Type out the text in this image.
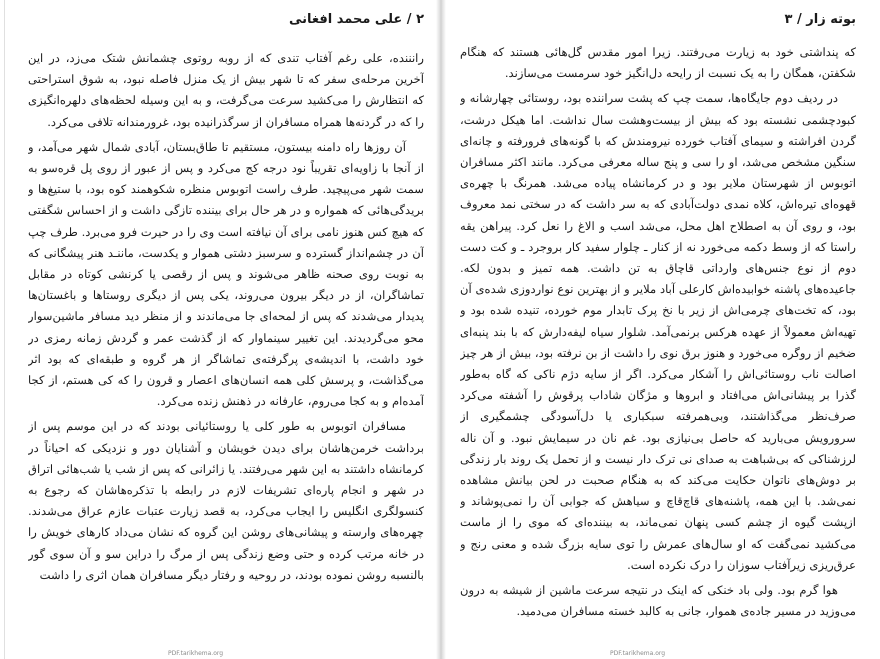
۲ / علی محمد افغانی

رانننده، علی رغم آفتاب تندی که از روبه روتوی چشمانش شتک می‌زد، در این آخرین مرحله‌ی سفر که تا شهر بیش از یک منزل فاصله نبود، به شوق استراحتی که انتظارش را می‌کشید سرعت می‌گرفت، و به این وسیله لحظه‌های دلهره‌انگیزی را که در گردنه‌ها همراه مسافران از سرگذرانیده بود، غرورمندانه تلافی می‌کرد.

آن روزها راه دامنه بیستون، مستقیم تا طاق‌بستان، آبادی شمال شهر می‌آمد، و از آنجا با زاویه‌ای تقریباً نود درجه کج می‌کرد و پس از عبور از روی پل قره‌سو به سمت شهر می‌پیچید. طرف راست اتوبوس منظره شکوهمند کوه بود، با ستیغ‌ها و بریدگی‌هائی که همواره و در هر حال برای بیننده تازگی داشت و از احساس شگفتی که هیچ کس هنوز نامی برای آن نیافته است وی را در حیرت فرو می‌برد. طرف چپ آن در چشم‌انداز گسترده و سرسبز دشتی هموار و یکدست، ماننـد هنر پیشگانی که به نوبت روی صحنه ظاهر می‌شوند و پس از رقصی یا کرنشی کوتاه در مقابل تماشاگران، از در دیگر بیرون می‌روند، یکی پس از دیگری روستاها و باغستان‌ها پدیدار می‌شدند که پس از لمحه‌ای جا می‌ماندند و از منظر دید مسافر ماشین‌سوار محو می‌گردیدند. این تغییر سینماوار که از گذشت عمر و گردش زمانه رمزی در خود داشت، با اندیشه‌ی پرگرفته‌ی تماشاگر از هر گروه و طبقه‌ای که بود اثر می‌گذاشت، و پرسش کلی همه انسان‌های اعصار و قرون را که کی هستم، از کجا آمده‌ام و به کجا می‌روم، عارفانه در ذهنش زنده می‌کرد.

مسافران اتوبوس به طور کلی یا روستائیانی بودند که در این موسم پس از برداشت خرمن‌هاشان برای دیدن خویشان و آشنایان دور و نزدیکی که احیاناً در کرمانشاه داشتند به این شهر می‌رفتند. یا زائرانی که پس از شب یا شب‌هائی اتراق در شهر و انجام پاره‌ای تشریفات لازم در رابطه با تذکره‌هاشان که رجوع به کنسولگری انگلیس را ایجاب می‌کرد، به قصد زیارت عتبات عازم عراق می‌شدند. چهره‌های وارسته و پیشانی‌های روشن این گروه که نشان می‌داد کارهای خویش را در خانه مرتب کرده و حتی وضع زندگی پس از مرگ را دراین سو و آن سوی گور بالنسبه روشن نموده بودند، در روحیه و رفتار دیگر مسافران همان اثری را داشت

PDF.tarikhema.org
بوته زار / ۳

که پنداشتی خود به زیارت می‌رفتند. زیرا امور مقدس گل‌هائی هستند که هنگام شکفتن، همگان را به یک نسبت از رایحه دل‌انگیز خود سرمست می‌سازند.

در ردیف دوم جایگاه‌ها، سمت چپ که پشت سراننده بود، روستائی چهارشانه و کبودچشمی نشسته بود که بیش از بیست‌وهشت سال نداشت. اما هیکل درشت، گردن افراشته و سیمای آفتاب خورده نیرومندش که با گونه‌های فرورفته و چانه‌ای سنگین مشخص می‌شد، او را سی و پنج ساله معرفی می‌کرد. مانند اکثر مسافران اتوبوس از شهرستان ملایر بود و در کرمانشاه پیاده می‌شد. همرنگ با چهره‌ی قهوه‌ای تیره‌اش، کلاه نمدی دولت‌آبادی که به سر داشت که در سختی نمد معروف بود، و روی آن به اصطلاح اهل محل، می‌شد اسب و الاغ را نعل کرد. پیراهن یقه راستا که از وسط دکمه می‌خورد نه از کنار ـ چلوار سفید کار بروجرد ـ و کت دست دوم از نوع جنس‌های وارداتی قاچاق به تن داشت. همه تمیز و بدون لکه. جاعیده‌های پاشنه خوابیده‌اش کارعلی آباد ملایر و از بهترین نوع نواردوزی شده‌ی آن بود، که تخت‌های چرمی‌اش از زیر با نخ پرک تابدار موم خورده، تنیده شده بود و تهیه‌اش معمولاً از عهده هرکس برنمی‌آمد. شلوار سیاه لیفه‌دارش که با بند پنبه‌ای ضخیم از روگره می‌خورد و هنوز برق نوی را داشت از بن نرفته بود، بیش از هر چیز اصالت ناب روستائی‌اش را آشکار می‌کرد. اگر از سایه دژم ناکی که گاه به‌طور گذرا بر پیشانی‌اش می‌افتاد و ابروها و مژگان شاداب پرقوش را آشفته می‌کرد صرف‌نظر می‌گذاشتند، وبی‌همرفته سبکباری یا دل‌آسودگی چشمگیری از سرورویش می‌بارید که حاصل بی‌نیازی بود. غم نان در سیمایش نبود. و آن ناله لرزشناکی که بی‌شباهت به صدای نی ترک دار نیست و از تحمل یک روند بار زندگی بر دوش‌های ناتوان حکایت می‌کند که به هنگام صحبت در لحن بیانش مشاهده نمی‌شد. با این همه، پاشنه‌های قاچ‌قاچ و سیاهش که جوابی آن را نمی‌پوشاند و ازپشت گیوه از چشم کسی پنهان نمی‌ماند، به بیننده‌ای که موی را از ماست می‌کشید نمی‌گفت که او سال‌های عمرش را توی سایه بزرگ شده و معنی رنج و عرق‌ریزی زیرآفتاب سوزان را درک نکرده است.

هوا گرم بود. ولی باد خنکی که اینک در نتیجه سرعت ماشین از شیشه به درون می‌وزید در مسیر جاده‌ی هموار، جانی به کالبد خسته مسافران می‌دمید.

PDF.tarikhema.org
